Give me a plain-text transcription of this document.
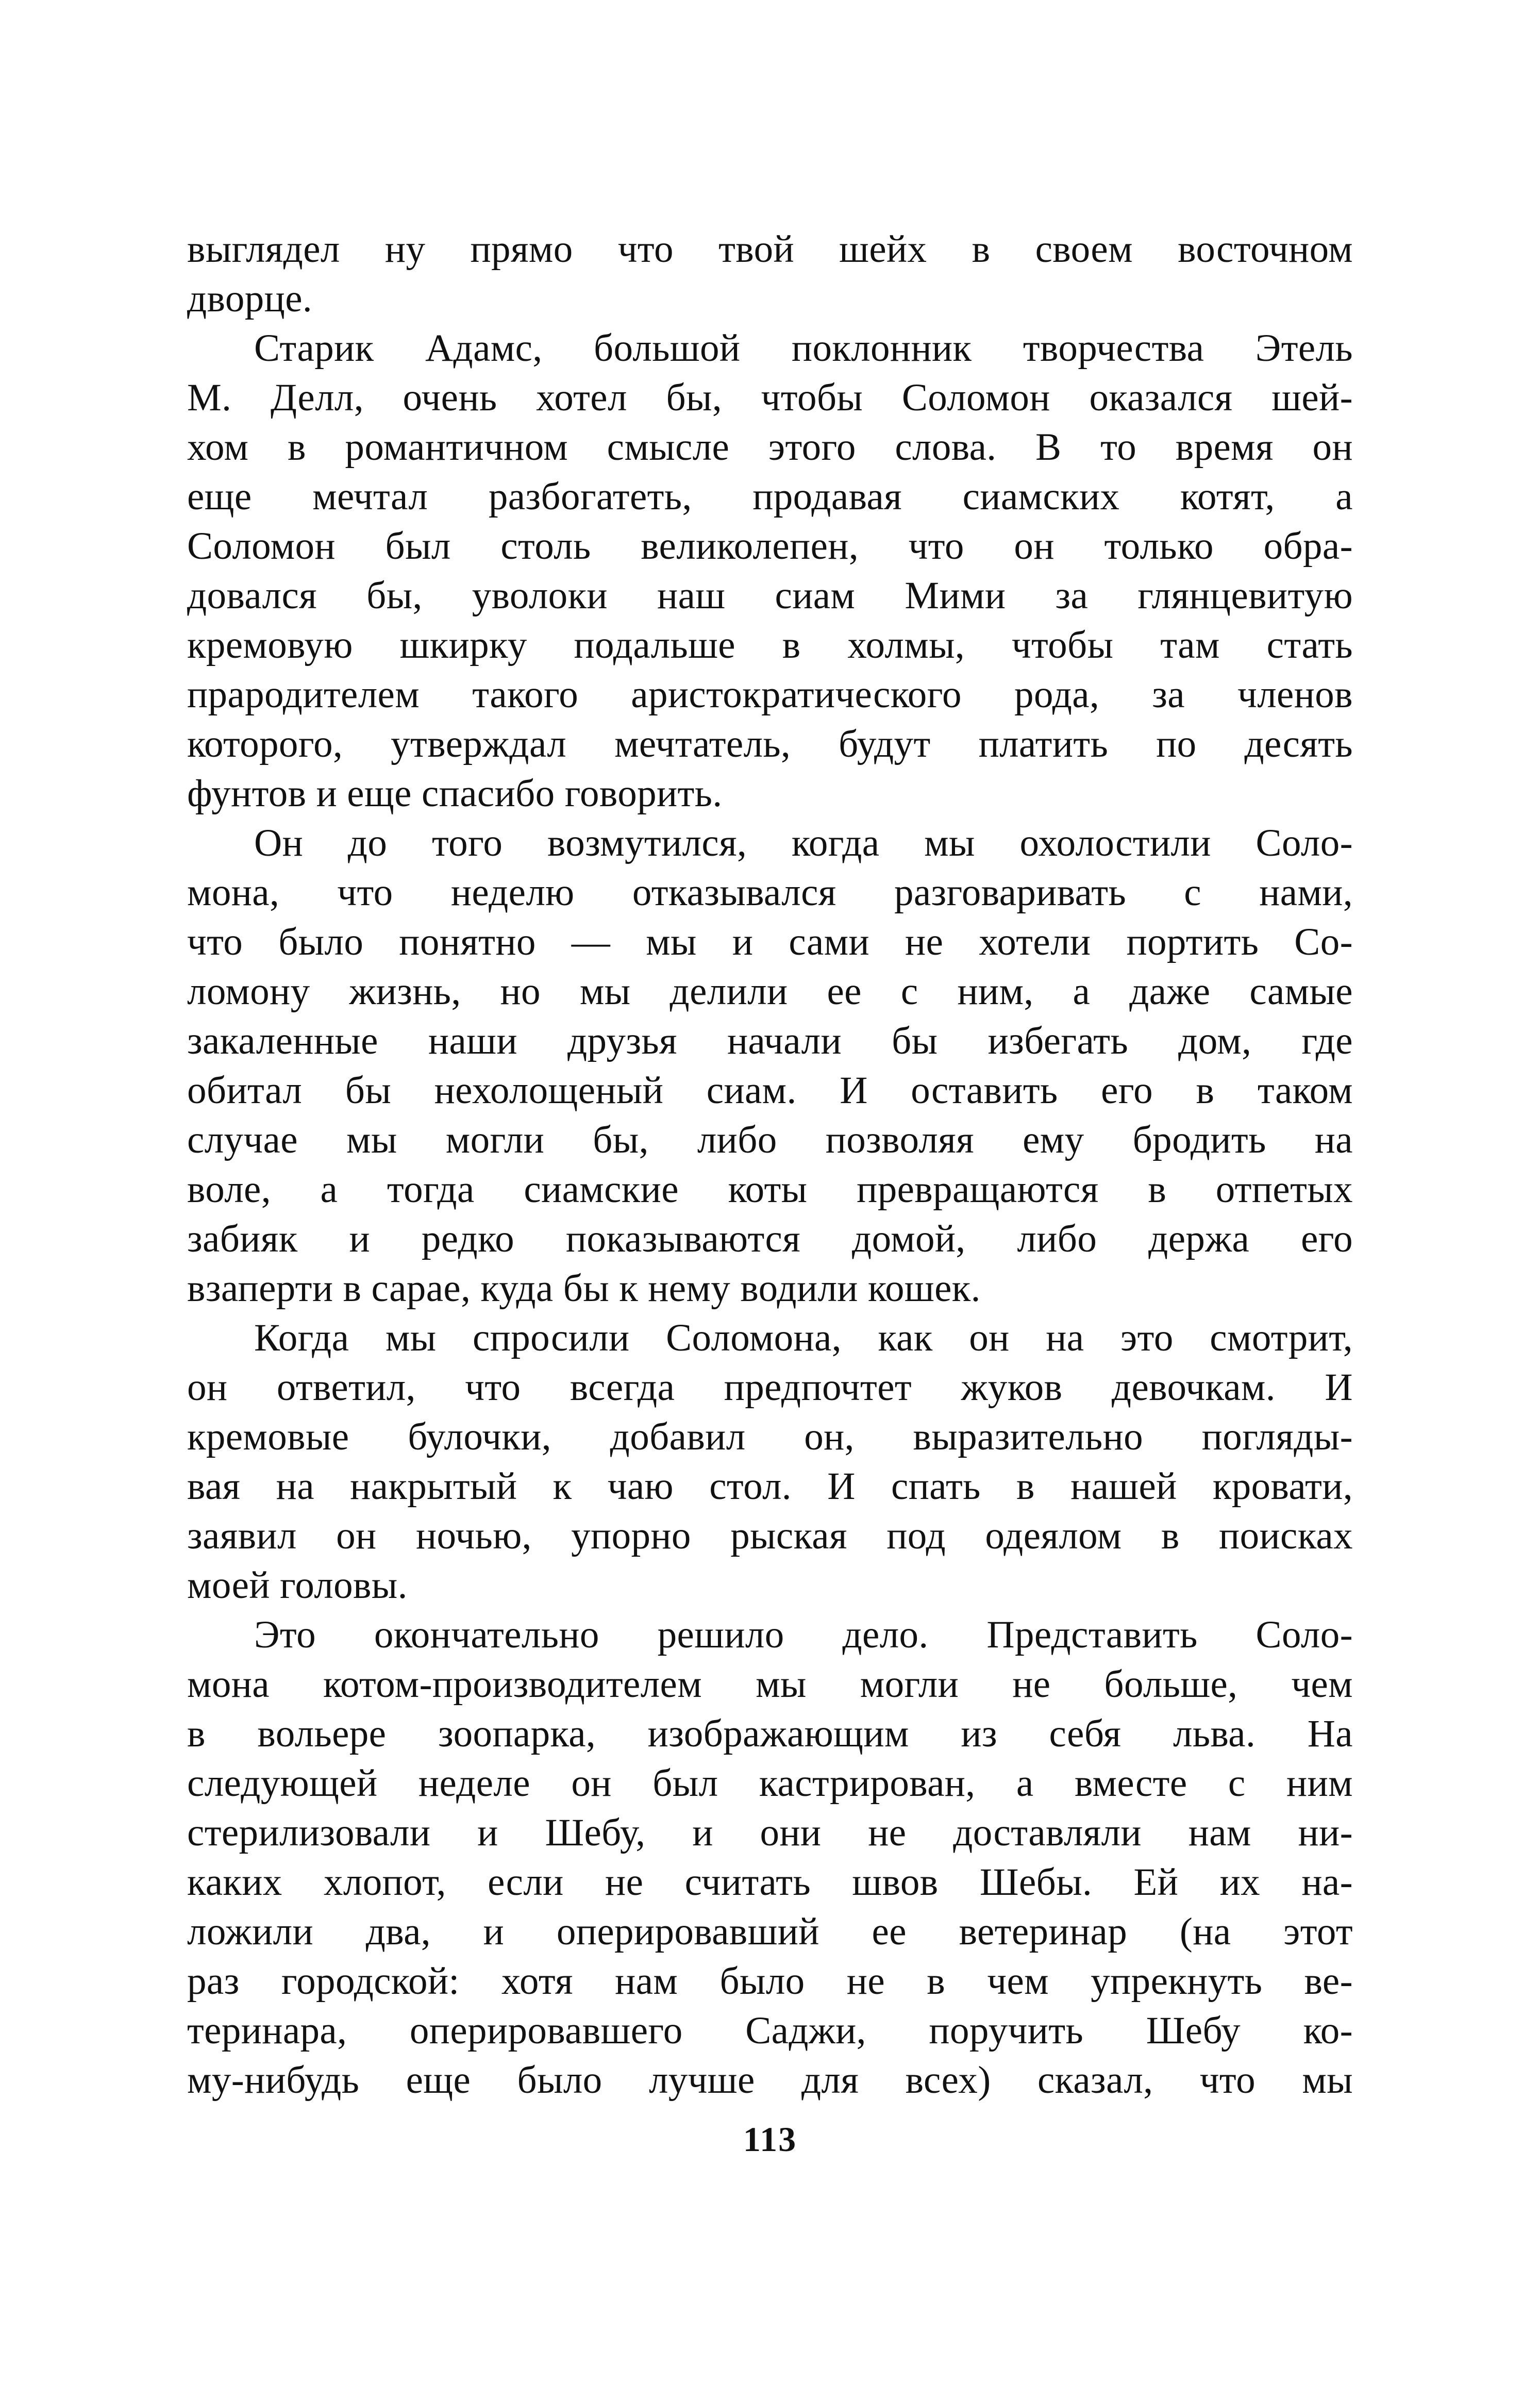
выглядел ну прямо что твой шейх в своем восточном
дворце.
Старик Адамс, большой поклонник творчества Этель
М. Делл, очень хотел бы, чтобы Соломон оказался шей-
хом в романтичном смысле этого слова. В то время он
еще мечтал разбогатеть, продавая сиамских котят, а
Соломон был столь великолепен, что он только обра-
довался бы, уволоки наш сиам Мими за глянцевитую
кремовую шкирку подальше в холмы, чтобы там стать
прародителем такого аристократического рода, за членов
которого, утверждал мечтатель, будут платить по десять
фунтов и еще спасибо говорить.
Он до того возмутился, когда мы охолостили Соло-
мона, что неделю отказывался разговаривать с нами,
что было понятно — мы и сами не хотели портить Со-
ломону жизнь, но мы делили ее с ним, а даже самые
закаленные наши друзья начали бы избегать дом, где
обитал бы нехолощеный сиам. И оставить его в таком
случае мы могли бы, либо позволяя ему бродить на
воле, а тогда сиамские коты превращаются в отпетых
забияк и редко показываются домой, либо держа его
взаперти в сарае, куда бы к нему водили кошек.
Когда мы спросили Соломона, как он на это смотрит,
он ответил, что всегда предпочтет жуков девочкам. И
кремовые булочки, добавил он, выразительно погляды-
вая на накрытый к чаю стол. И спать в нашей кровати,
заявил он ночью, упорно рыская под одеялом в поисках
моей головы.
Это окончательно решило дело. Представить Соло-
мона котом-производителем мы могли не больше, чем
в вольере зоопарка, изображающим из себя льва. На
следующей неделе он был кастрирован, а вместе с ним
стерилизовали и Шебу, и они не доставляли нам ни-
каких хлопот, если не считать швов Шебы. Ей их на-
ложили два, и оперировавший ее ветеринар (на этот
раз городской: хотя нам было не в чем упрекнуть ве-
теринара, оперировавшего Саджи, поручить Шебу ко-
му-нибудь еще было лучше для всех) сказал, что мы
113
